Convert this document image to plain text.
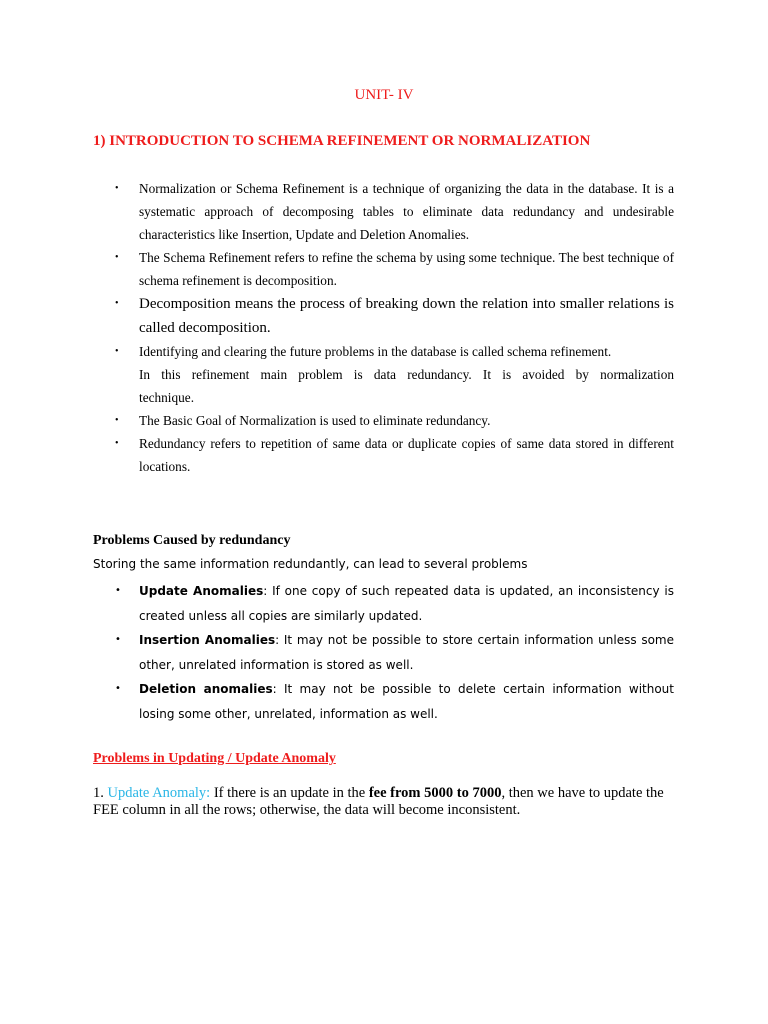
UNIT- IV
1) INTRODUCTION TO SCHEMA REFINEMENT OR NORMALIZATION
• Normalization or Schema Refinement is a technique of organizing the data in the database. It is a systematic approach of decomposing tables to eliminate data redundancy and undesirable characteristics like Insertion, Update and Deletion Anomalies.
• The Schema Refinement refers to refine the schema by using some technique. The best technique of schema refinement is decomposition.
• Decomposition means the process of breaking down the relation into smaller relations is called decomposition.
• Identifying and clearing the future problems in the database is called schema refinement.
In this refinement main problem is data redundancy. It is avoided by normalization
technique.
• The Basic Goal of Normalization is used to eliminate redundancy.
• Redundancy refers to repetition of same data or duplicate copies of same data stored in different locations.
Problems Caused by redundancy
Storing the same information redundantly, can lead to several problems
• Update Anomalies: If one copy of such repeated data is updated, an inconsistency is created unless all copies are similarly updated.
• Insertion Anomalies: It may not be possible to store certain information unless some other, unrelated information is stored as well.
• Deletion anomalies: It may not be possible to delete certain information without losing some other, unrelated, information as well.
Problems in Updating / Update Anomaly
1. Update Anomaly: If there is an update in the fee from 5000 to 7000, then we have to update the FEE column in all the rows; otherwise, the data will become inconsistent.
